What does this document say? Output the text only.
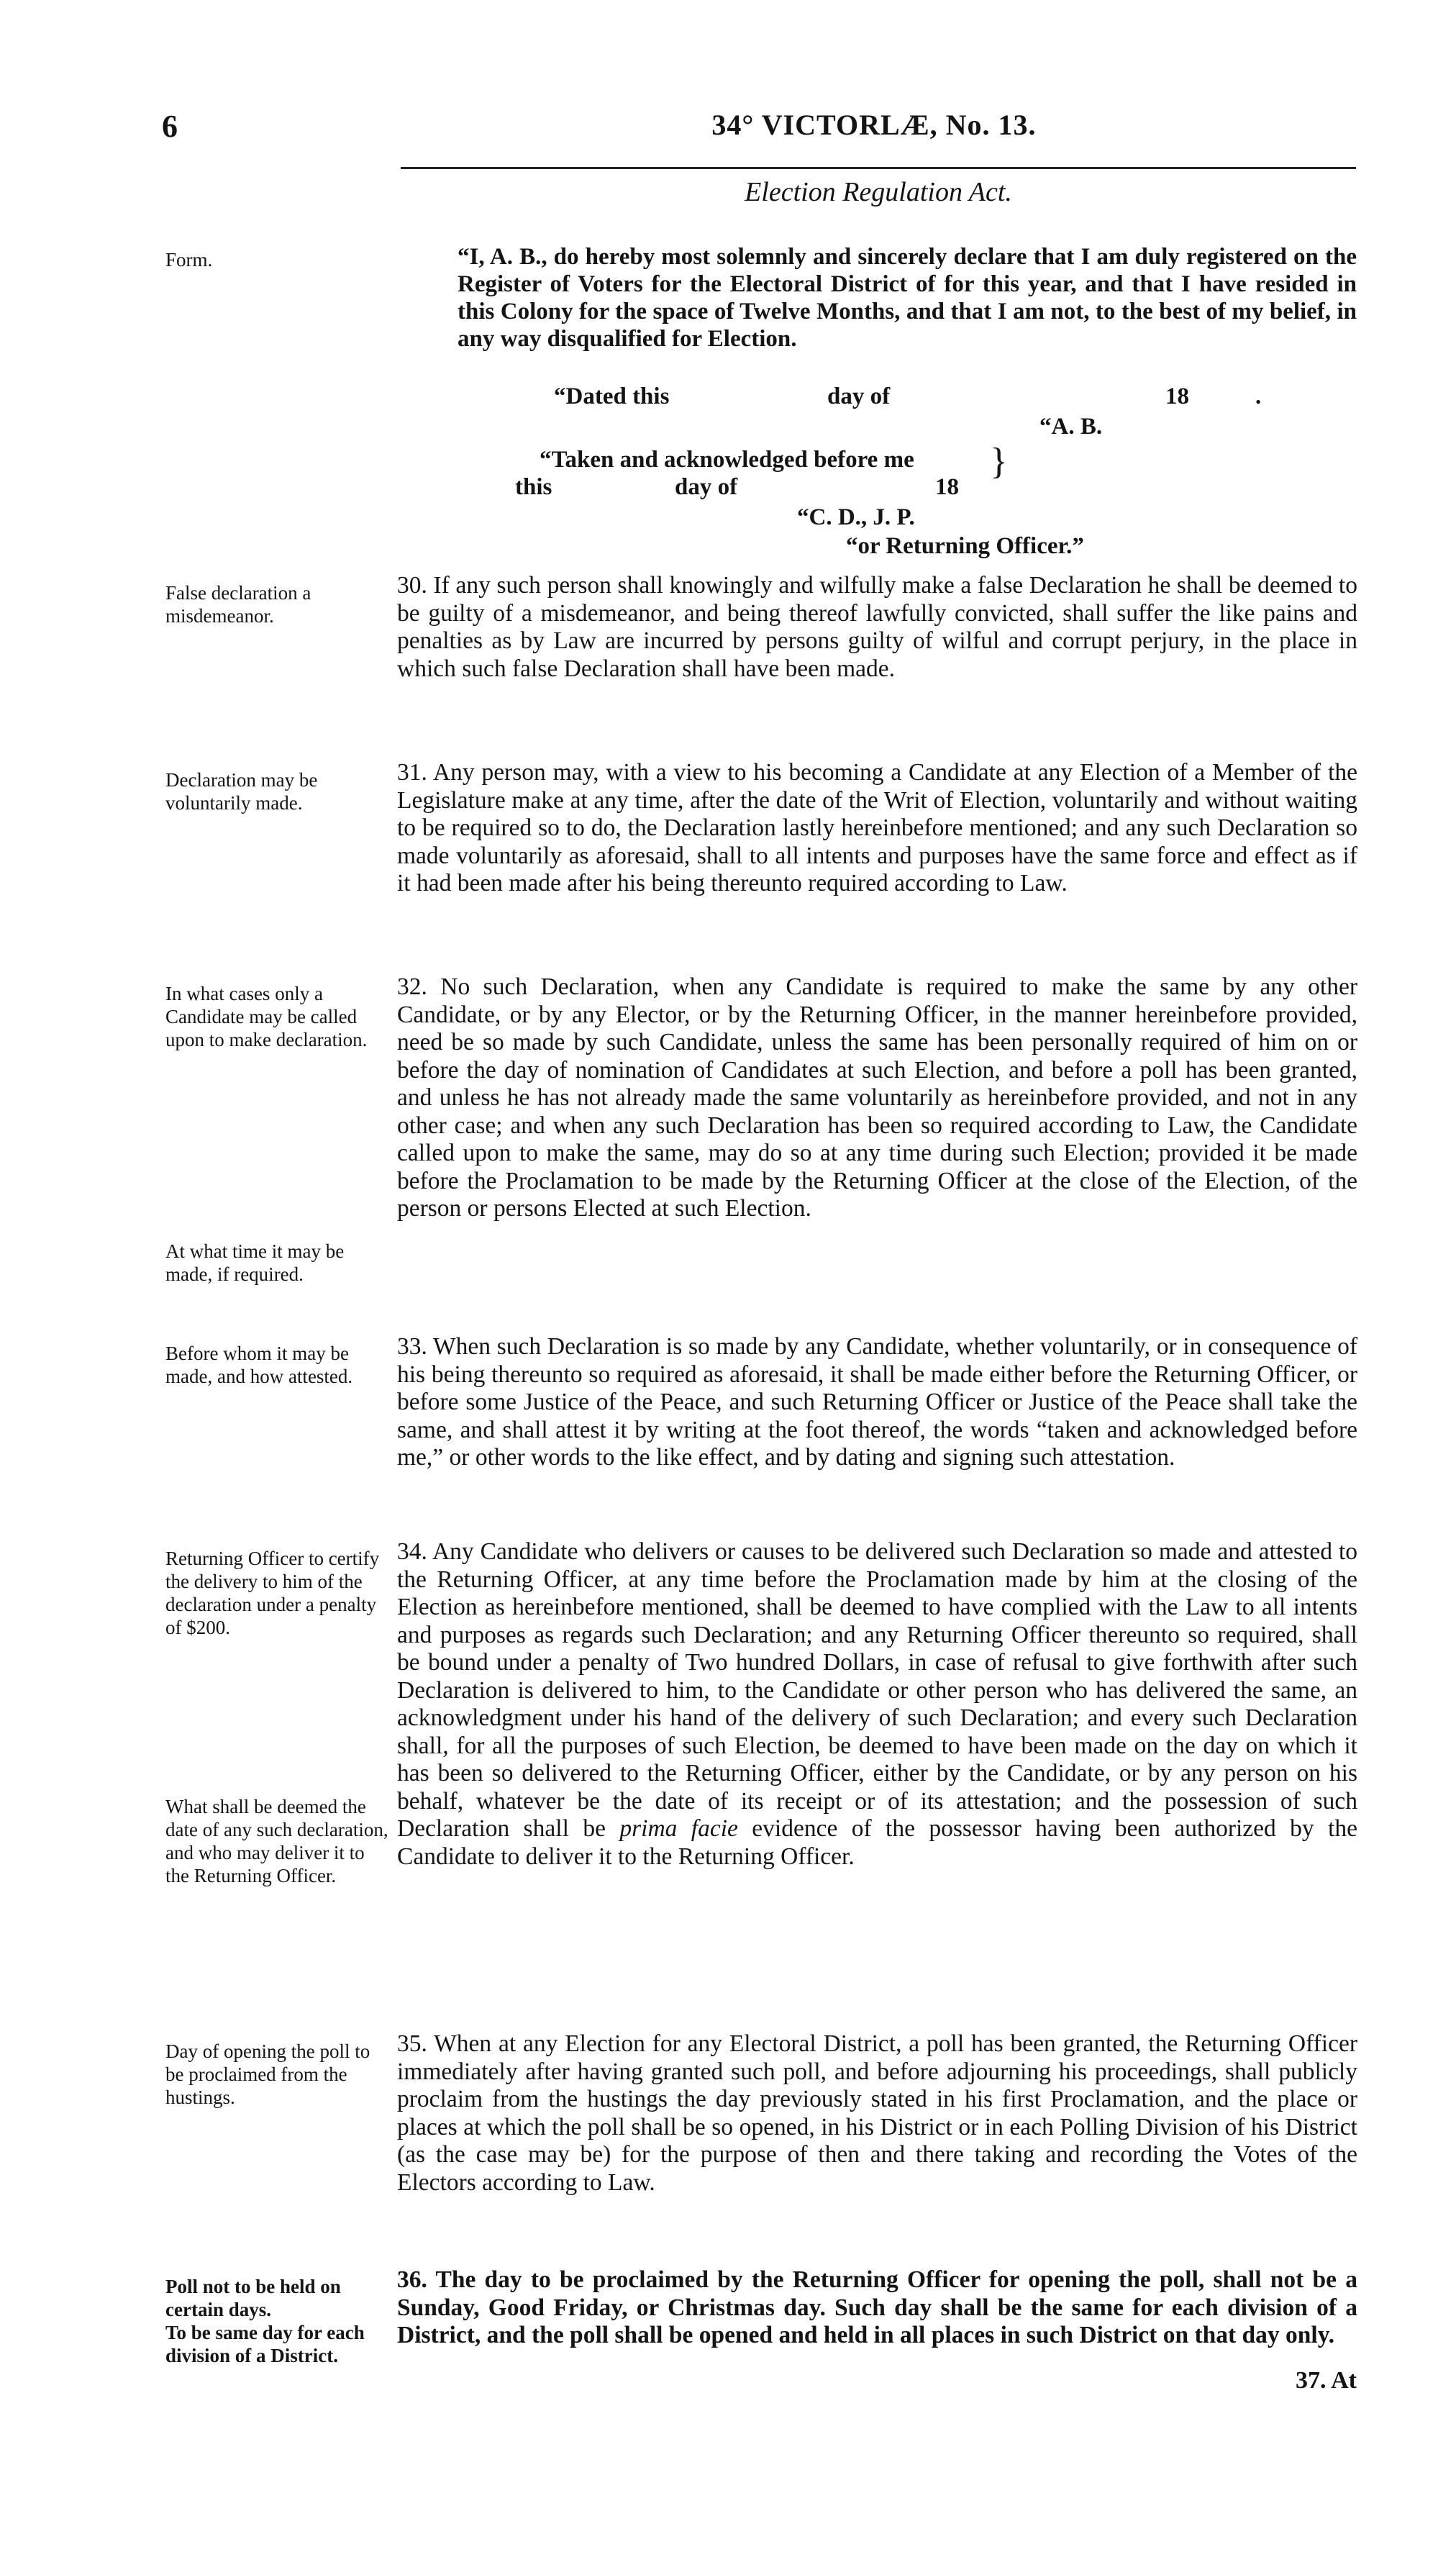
6	34° VICTORLÆ, No. 13.
Election Regulation Act.
Form.	“I, A. B., do hereby most solemnly and sincerely declare that I am duly registered on the Register of Voters for the Electoral District of for this year, and that I have resided in this Colony for the space of Twelve Months, and that I am not, to the best of my belief, in any way disqualified for Election.
“Dated this	day of	18	.
“A. B.
“Taken and acknowledged before me
this	day of	18
}
“C. D., J. P.
“or Returning Officer.”
False declaration a misdemeanor.
30. If any such person shall knowingly and wilfully make a false Declaration he shall be deemed to be guilty of a misdemeanor, and being thereof lawfully convicted, shall suffer the like pains and penalties as by Law are incurred by persons guilty of wilful and corrupt perjury, in the place in which such false Declaration shall have been made.
Declaration may be voluntarily made.
31. Any person may, with a view to his becoming a Candidate at any Election of a Member of the Legislature make at any time, after the date of the Writ of Election, voluntarily and without waiting to be required so to do, the Declaration lastly hereinbefore mentioned; and any such Declaration so made voluntarily as aforesaid, shall to all intents and purposes have the same force and effect as if it had been made after his being thereunto required according to Law.
In what cases only a Candidate may be called upon to make declaration.
At what time it may be made, if required.
32. No such Declaration, when any Candidate is required to make the same by any other Candidate, or by any Elector, or by the Returning Officer, in the manner hereinbefore provided, need be so made by such Candidate, unless the same has been personally required of him on or before the day of nomination of Candidates at such Election, and before a poll has been granted, and unless he has not already made the same voluntarily as hereinbefore provided, and not in any other case; and when any such Declaration has been so required according to Law, the Candidate called upon to make the same, may do so at any time during such Election; provided it be made before the Proclamation to be made by the Returning Officer at the close of the Election, of the person or persons Elected at such Election.
Before whom it may be made, and how attested.
33. When such Declaration is so made by any Candidate, whether voluntarily, or in consequence of his being thereunto so required as aforesaid, it shall be made either before the Returning Officer, or before some Justice of the Peace, and such Returning Officer or Justice of the Peace shall take the same, and shall attest it by writing at the foot thereof, the words “taken and acknowledged before me,” or other words to the like effect, and by dating and signing such attestation.
Returning Officer to certify the delivery to him of the declaration under a penalty of $200.
What shall be deemed the date of any such declaration, and who may deliver it to the Returning Officer.
34. Any Candidate who delivers or causes to be delivered such Declaration so made and attested to the Returning Officer, at any time before the Proclamation made by him at the closing of the Election as hereinbefore mentioned, shall be deemed to have complied with the Law to all intents and purposes as regards such Declaration; and any Returning Officer thereunto so required, shall be bound under a penalty of Two hundred Dollars, in case of refusal to give forthwith after such Declaration is delivered to him, to the Candidate or other person who has delivered the same, an acknowledgment under his hand of the delivery of such Declaration; and every such Declaration shall, for all the purposes of such Election, be deemed to have been made on the day on which it has been so delivered to the Returning Officer, either by the Candidate, or by any person on his behalf, whatever be the date of its receipt or of its attestation; and the possession of such Declaration shall be prima facie evidence of the possessor having been authorized by the Candidate to deliver it to the Returning Officer.
Day of opening the poll to be proclaimed from the hustings.
35. When at any Election for any Electoral District, a poll has been granted, the Returning Officer immediately after having granted such poll, and before adjourning his proceedings, shall publicly proclaim from the hustings the day previously stated in his first Proclamation, and the place or places at which the poll shall be so opened, in his District or in each Polling Division of his District (as the case may be) for the purpose of then and there taking and recording the Votes of the Electors according to Law.
Poll not to be held on certain days.
To be same day for each division of a District.
36. The day to be proclaimed by the Returning Officer for opening the poll, shall not be a Sunday, Good Friday, or Christmas day. Such day shall be the same for each division of a District, and the poll shall be opened and held in all places in such District on that day only.
37. At
